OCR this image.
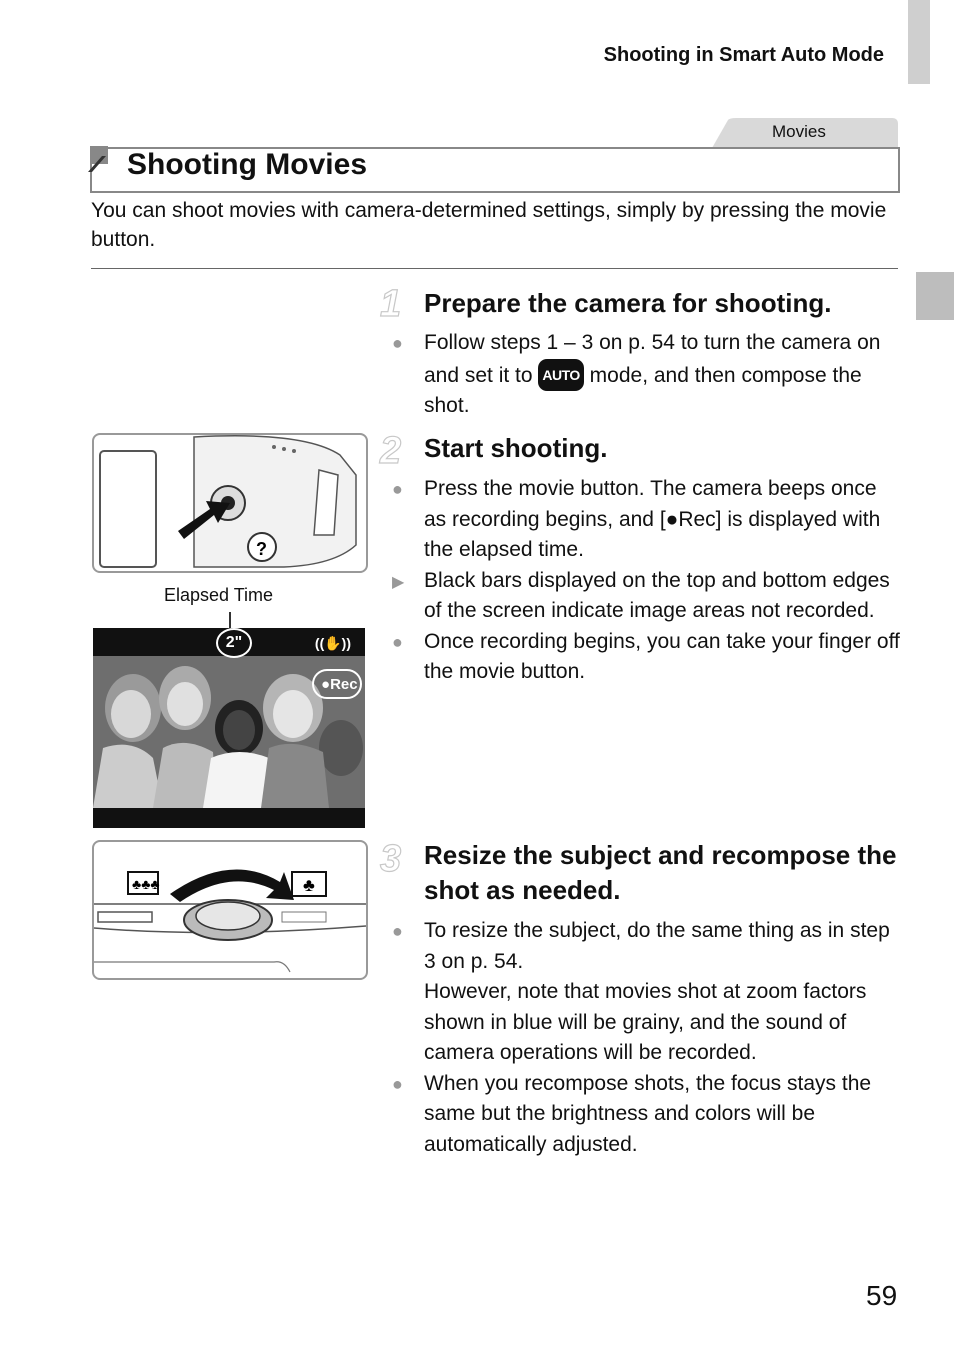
Shooting in Smart Auto Mode
Movies
Shooting Movies
You can shoot movies with camera-determined settings, simply by pressing the movie button.
1 Prepare the camera for shooting.
● Follow steps 1 – 3 on p. 54 to turn the camera on and set it to AUTO mode, and then compose the shot.
2 Start shooting.
● Press the movie button. The camera beeps once as recording begins, and [●Rec] is displayed with the elapsed time.
▶ Black bars displayed on the top and bottom edges of the screen indicate image areas not recorded.
● Once recording begins, you can take your finger off the movie button.
3 Resize the subject and recompose the shot as needed.
● To resize the subject, do the same thing as in step 3 on p. 54.
However, note that movies shot at zoom factors shown in blue will be grainy, and the sound of camera operations will be recorded.
● When you recompose shots, the focus stays the same but the brightness and colors will be automatically adjusted.
?
Elapsed Time
((✋))
2"
●Rec
♣♣♣	♣
59
